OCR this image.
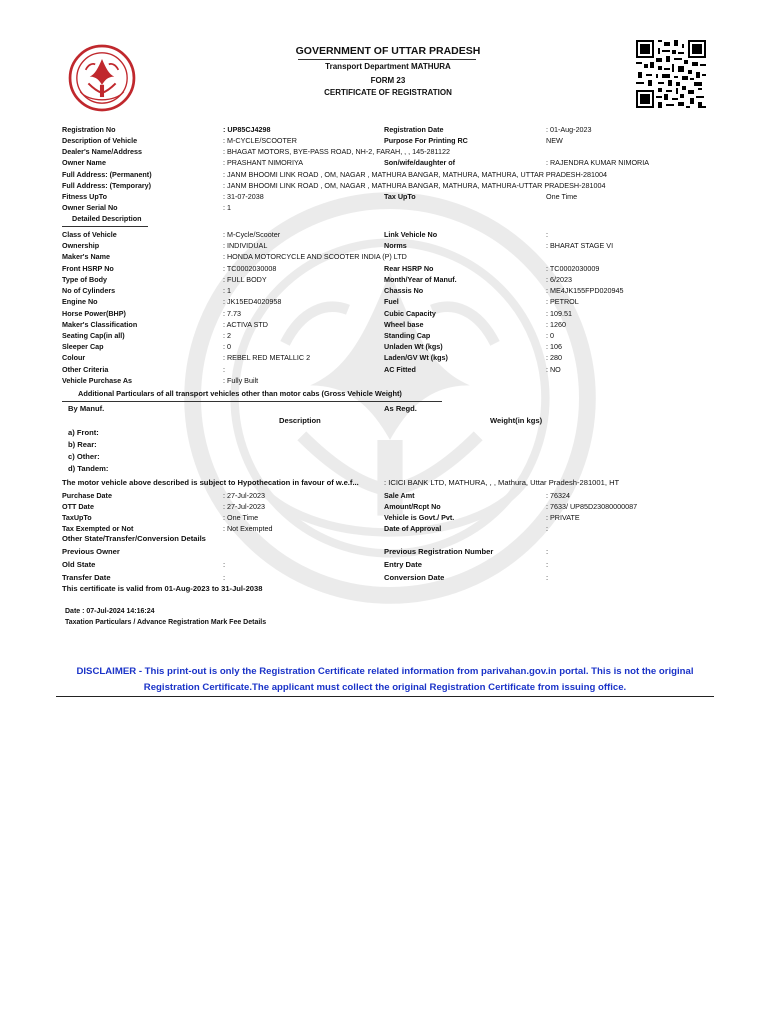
GOVERNMENT OF UTTAR PRADESH
Transport Department MATHURA
FORM 23
CERTIFICATE OF REGISTRATION
Registration No	: UP85CJ4298	Registration Date	: 01-Aug-2023
Description of Vehicle	: M-CYCLE/SCOOTER	Purpose For Printing RC	NEW
Dealer's Name/Address	: BHAGAT MOTORS, BYE-PASS ROAD, NH-2, FARAH, , , 145-281122
Owner Name	: PRASHANT NIMORIYA	Son/wife/daughter of	: RAJENDRA KUMAR NIMORIA
Full Address: (Permanent)	: JANM BHOOMI LINK ROAD , OM, NAGAR , MATHURA BANGAR, MATHURA, MATHURA, UTTAR PRADESH-281004
Full Address: (Temporary)	: JANM BHOOMI LINK ROAD , OM, NAGAR , MATHURA BANGAR, MATHURA, MATHURA-UTTAR PRADESH-281004
Fitness UpTo	: 31-07-2038	Tax UpTo	One Time
Owner Serial No	: 1
Detailed Description
Class of Vehicle	: M-Cycle/Scooter	Link Vehicle No	:
Ownership	: INDIVIDUAL	Norms	: BHARAT STAGE VI
Maker's Name	: HONDA MOTORCYCLE AND SCOOTER INDIA (P) LTD
Front HSRP No	: TC0002030008	Rear HSRP No	: TC0002030009
Type of Body	: FULL BODY	Month/Year of Manuf.	: 6/2023
No of Cylinders	: 1	Chassis No	: ME4JK155FPD020945
Engine No	: JK15ED4020958	Fuel	: PETROL
Horse Power(BHP)	: 7.73	Cubic Capacity	: 109.51
Maker's Classification	: ACTIVA STD	Wheel base	: 1260
Seating Cap(in all)	: 2	Standing Cap	: 0
Sleeper Cap	: 0	Unladen Wt (kgs)	: 106
Colour	: REBEL RED METALLIC 2	Laden/GV Wt (kgs)	: 280
Other Criteria	:	AC Fitted	: NO
Vehicle Purchase As	: Fully Built
Additional Particulars of all transport vehicles other than motor cabs (Gross Vehicle Weight)
By Manuf.	As Regd.
Description	Weight(in kgs)
a) Front:
b) Rear:
c) Other:
d) Tandem:
The motor vehicle above described is subject to Hypothecation in favour of w.e.f...	: ICICI BANK LTD, MATHURA, , , Mathura, Uttar Pradesh-281001, HT
Purchase Date	: 27-Jul-2023	Sale Amt	: 76324
OTT Date	: 27-Jul-2023	Amount/Rcpt No	: 7633/ UP85D23080000087
TaxUpTo	: One Time	Vehicle is Govt./ Pvt.	: PRIVATE
Tax Exempted or Not	: Not Exempted	Date of Approval	:
Other State/Transfer/Conversion Details
Previous Owner	Previous Registration Number	:
Old State	:	Entry Date	:
Transfer Date	:	Conversion Date	:
This certificate is valid from 01-Aug-2023 to 31-Jul-2038
Date : 07-Jul-2024 14:16:24
Taxation Particulars / Advance Registration Mark Fee Details
DISCLAIMER - This print-out is only the Registration Certificate related information from parivahan.gov.in portal. This is not the original
Registration Certificate.The applicant must collect the original Registration Certificate from issuing office.
